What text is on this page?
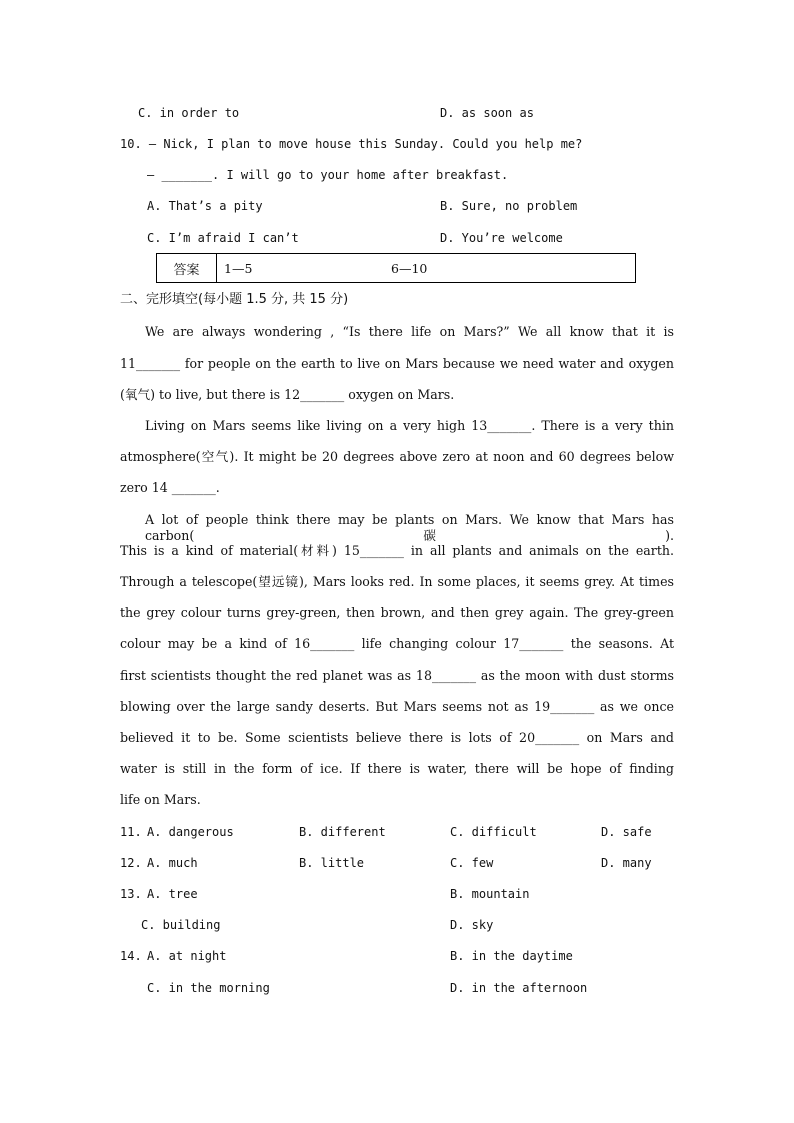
C. in order to	D. as soon as
10. — Nick, I plan to move house this Sunday. Could you help me?
— _______. I will go to your home after breakfast.
A. That’s a pity	B. Sure, no problem
C. I’m afraid I can’t	D. You’re welcome
答案	1—5	6—10
二、完形填空(每小题 1.5 分, 共 15 分)
We are always wondering , “Is there life on Mars?” We all know that it is
11_______ for people on the earth to live on Mars because we need water and oxygen
(氧气) to live, but there is 12_______ oxygen on Mars.
Living on Mars seems like living on a very high 13_______. There is a very thin
atmosphere(空气). It might be 20 degrees above zero at noon and 60 degrees below
zero 14 _______.
A lot of people think there may be plants on Mars. We know that Mars has carbon(碳).
This is a kind of material(材料) 15_______ in all plants and animals on the earth.
Through a telescope(望远镜), Mars looks red. In some places, it seems grey. At times
the grey colour turns grey-green, then brown, and then grey again. The grey-green
colour may be a kind of 16_______ life changing colour 17_______ the seasons. At
first scientists thought the red planet was as 18_______ as the moon with dust storms
blowing over the large sandy deserts. But Mars seems not as 19_______ as we once
believed it to be. Some scientists believe there is lots of 20_______ on Mars and
water is still in the form of ice. If there is water, there will be hope of finding
life on Mars.
11. A. dangerous	B. different	C. difficult	D. safe
12. A. much	B. little	C. few	D. many
13. A. tree	B. mountain
C. building	D. sky
14. A. at night	B. in the daytime
C. in the morning	D. in the afternoon
